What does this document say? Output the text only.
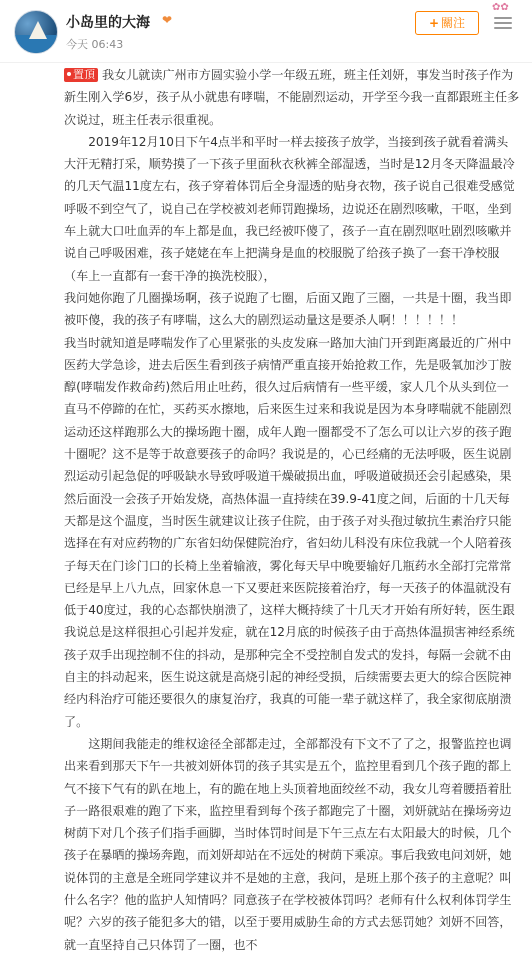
小岛里的大海 ❤
今天 06:43
✿✿
+ 關注

置頂 我女儿就读广州市方圆实验小学一年级五班，班主任刘妍，事发当时孩子作为新生刚入学6岁，孩子从小就患有哮喘，不能剧烈运动，开学至今我一直都跟班主任多次说过，班主任表示很重视。

2019年12月10日下午4点半和平时一样去接孩子放学，当接到孩子就看着满头大汗无精打采，顺势摸了一下孩子里面秋衣秋裤全部湿透，当时是12月冬天降温最冷的几天气温11度左右，孩子穿着体罚后全身湿透的贴身衣物，孩子说自己很难受感觉呼吸不到空气了，说自己在学校被刘老师罚跑操场，边说还在剧烈咳嗽，干呕，坐到车上就大口吐血弄的车上都是血，我已经被吓傻了，孩子一直在剧烈呕吐剧烈咳嗽并说自己呼吸困难，孩子姥姥在车上把满身是血的校服脱了给孩子换了一套干净校服（车上一直都有一套干净的换洗校服），

我问她你跑了几圈操场啊，孩子说跑了七圈，后面又跑了三圈，一共是十圈，我当即被吓傻，我的孩子有哮喘，这么大的剧烈运动量这是要杀人啊！！！！！！

我当时就知道是哮喘发作了心里紧张的头皮发麻一路加大油门开到距离最近的广州中医药大学急诊，进去后医生看到孩子病情严重直接开始抢救工作，先是吸氧加沙丁胺醇(哮喘发作救命药)然后用止吐药，很久过后病情有一些平缓，家人几个从头到位一直马不停蹄的在忙，买药买水擦地，后来医生过来和我说是因为本身哮喘就不能剧烈运动还这样跑那么大的操场跑十圈，成年人跑一圈都受不了怎么可以让六岁的孩子跑十圈呢？这不是等于故意要孩子的命吗？我说是的，心已经痛的无法呼吸，医生说剧烈运动引起急促的呼吸缺水导致呼吸道干燥破损出血，呼吸道破损还会引起感染，果然后面没一会孩子开始发烧，高热体温一直持续在39.9-41度之间，后面的十几天每天都是这个温度，当时医生就建议让孩子住院，由于孩子对头孢过敏抗生素治疗只能选择在有对应药物的广东省妇幼保健院治疗，省妇幼儿科没有床位我就一个人陪着孩子每天在门诊门口的长椅上坐着输液，雾化每天早中晚要输好几瓶药水全部打完常常已经是早上八九点，回家休息一下又要赶来医院接着治疗，每一天孩子的体温就没有低于40度过，我的心态都快崩溃了，这样大概持续了十几天才开始有所好转，医生跟我说总是这样很担心引起并发症，就在12月底的时候孩子由于高热体温损害神经系统孩子双手出现控制不住的抖动，是那种完全不受控制自发式的发抖，每隔一会就不由自主的抖动起来，医生说这就是高烧引起的神经受损，后续需要去更大的综合医院神经内科治疗可能还要很久的康复治疗，我真的可能一辈子就这样了，我全家彻底崩溃了。

这期间我能走的维权途径全部都走过，全部都没有下文不了了之，报警监控也调出来看到那天下午一共被刘妍体罚的孩子其实是五个，监控里看到几个孩子跑的都上气不接下气有的趴在地上，有的跪在地上头顶着地面绞丝不动，我女儿弯着腰捂着肚子一路很艰难的跑了下来，监控里看到每个孩子都跑完了十圈，刘妍就站在操场旁边树荫下对几个孩子们指手画脚，当时体罚时间是下午三点左右太阳最大的时候，几个孩子在暴晒的操场奔跑，而刘妍却站在不远处的树荫下乘凉。事后我致电问刘妍，她说体罚的主意是全班同学建议并不是她的主意，我问，是班上那个孩子的主意呢？叫什么名字？他的监护人知情吗？同意孩子在学校被体罚吗？老师有什么权利体罚学生呢？六岁的孩子能犯多大的错，以至于要用威胁生命的方式去惩罚她？刘妍不回答，就一直坚持自己只体罚了一圈，也不
